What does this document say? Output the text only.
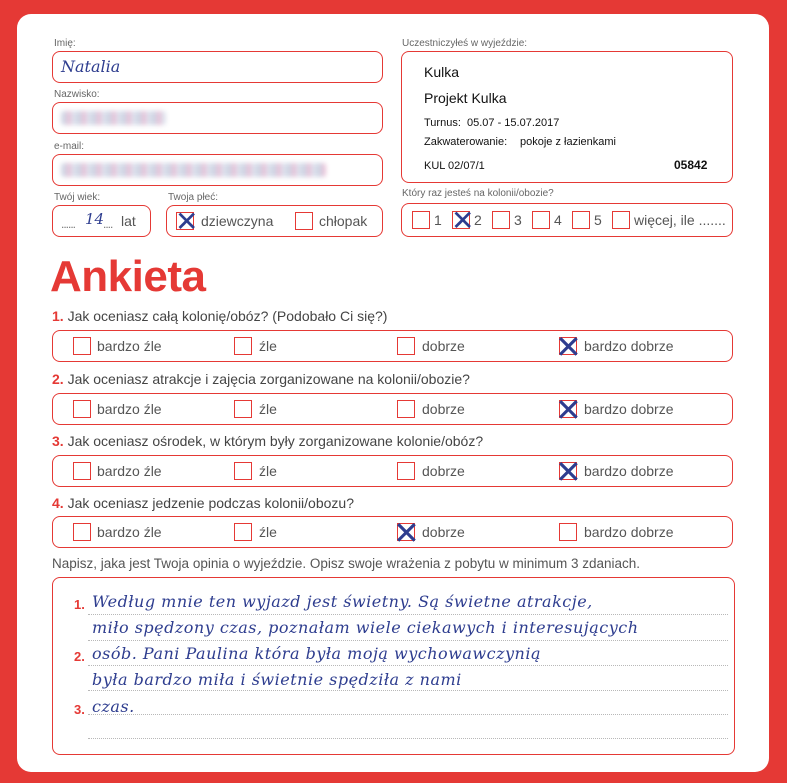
Imię:
Natalia
Nazwisko:
e-mail:
Twój wiek:
...... 14
.... lat
Twoja płeć:
✕ dziewczyna	chłopak
Uczestniczyłeś w wyjeździe:
Kulka
Projekt Kulka
Turnus: 05.07 - 15.07.2017
Zakwaterowanie: pokoje z łazienkami
KUL 02/07/1	05842
Który raz jesteś na kolonii/obozie?
1 ✕ 2 3 4 5 więcej, ile .......
Ankieta
1. Jak oceniasz całą kolonię/obóz? (Podobało Ci się?)
bardzo źle	źle	dobrze	✕ bardzo dobrze
2. Jak oceniasz atrakcje i zajęcia zorganizowane na kolonii/obozie?
bardzo źle	źle	dobrze	✕ bardzo dobrze
3. Jak oceniasz ośrodek, w którym były zorganizowane kolonie/obóz?
bardzo źle	źle	dobrze	✕ bardzo dobrze
4. Jak oceniasz jedzenie podczas kolonii/obozu?
bardzo źle	źle	✕ dobrze	bardzo dobrze
Napisz, jaka jest Twoja opinia o wyjeździe. Opisz swoje wrażenia z pobytu w minimum 3 zdaniach.
1.
2.
3.
Według mnie ten wyjazd jest świetny. Są świetne atrakcje,
miło spędzony czas, poznałam wiele ciekawych i interesujących
osób. Pani Paulina która była moją wychowawczynią
była bardzo miła i świetnie spędziła z nami
czas.
